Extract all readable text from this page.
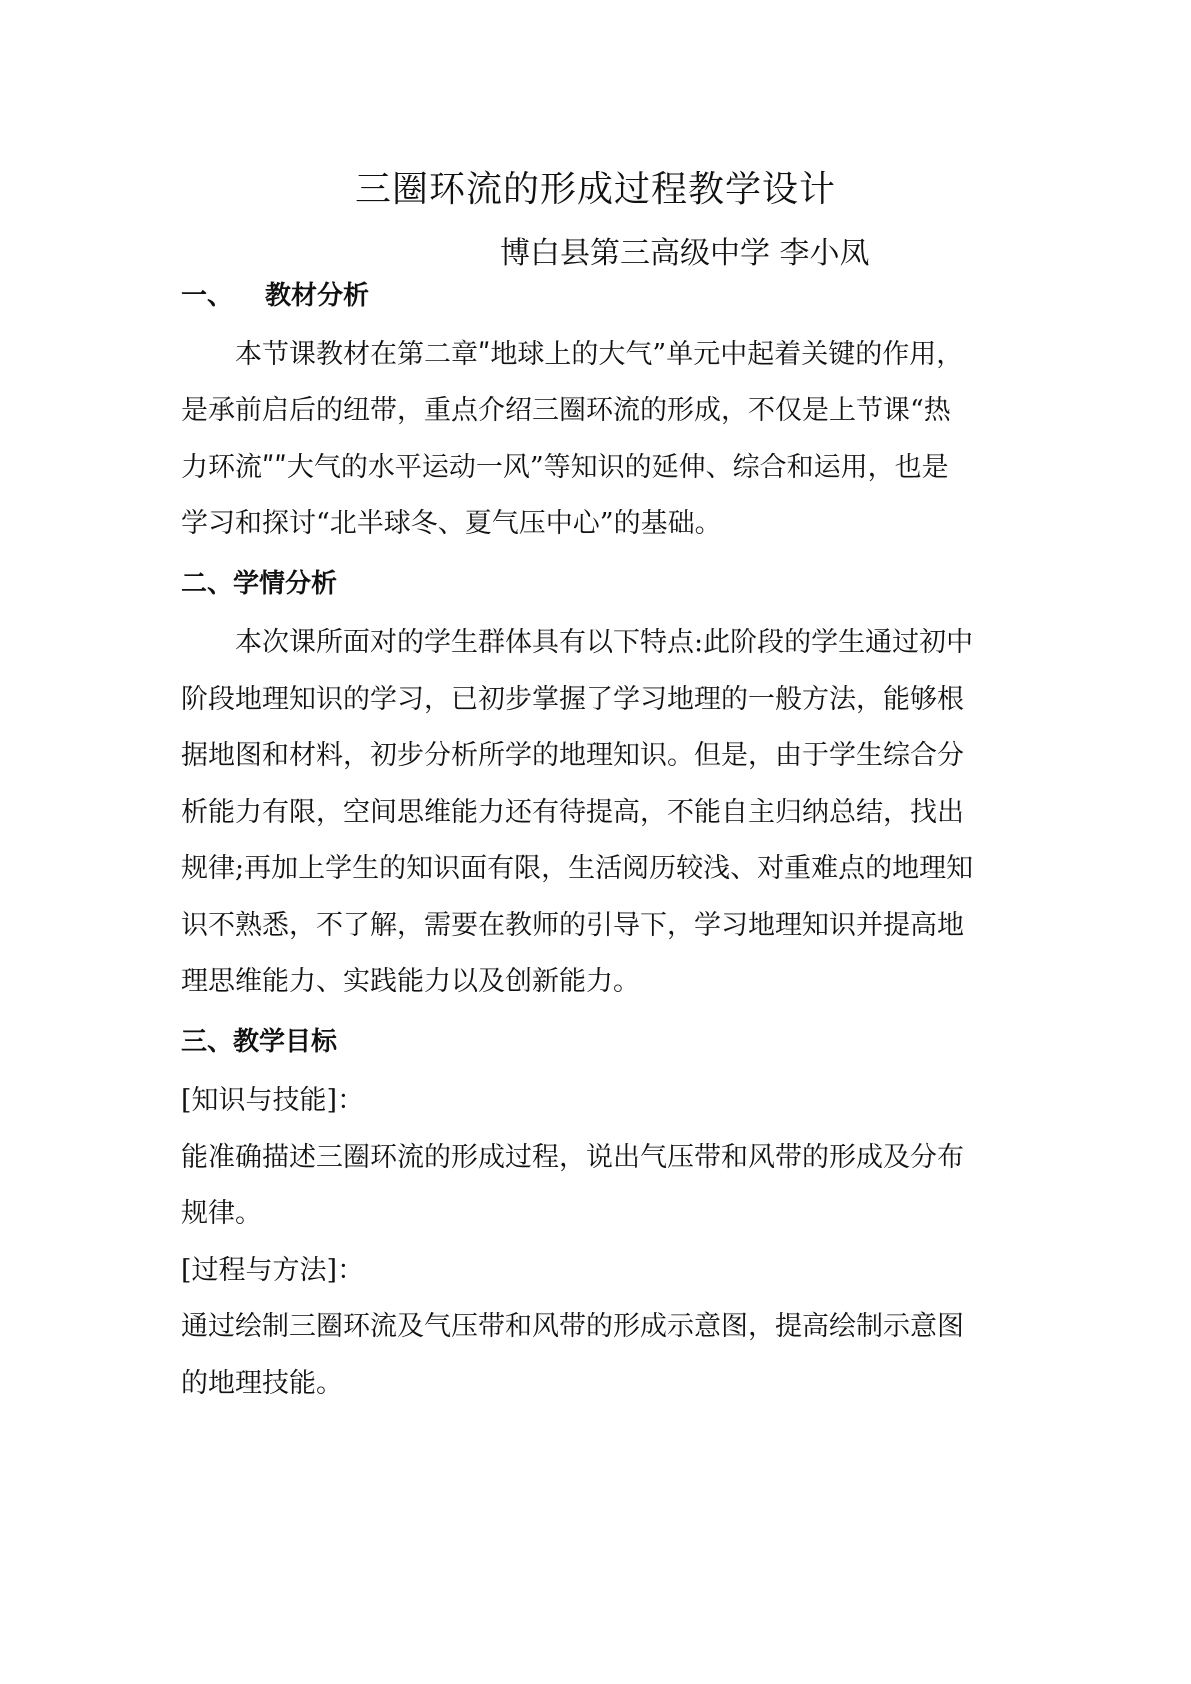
三圈环流的形成过程教学设计
博白县第三高级中学 李小凤
一、 教材分析
本节课教材在第二章ʺ地球上的大气”单元中起着关键的作用，
是承前启后的纽带，重点介绍三圈环流的形成，不仅是上节课“热
力环流ʺʺ大气的水平运动一风”等知识的延伸、综合和运用，也是
学习和探讨“北半球冬、夏气压中心”的基础。
二、学情分析
本次课所面对的学生群体具有以下特点:此阶段的学生通过初中
阶段地理知识的学习，已初步掌握了学习地理的一般方法，能够根
据地图和材料，初步分析所学的地理知识。但是，由于学生综合分
析能力有限，空间思维能力还有待提高，不能自主归纳总结，找出
规律;再加上学生的知识面有限，生活阅历较浅、对重难点的地理知
识不熟悉，不了解，需要在教师的引导下，学习地理知识并提高地
理思维能力、实践能力以及创新能力。
三、教学目标
[知识与技能]：
能准确描述三圈环流的形成过程，说出气压带和风带的形成及分布
规律。
[过程与方法]：
通过绘制三圈环流及气压带和风带的形成示意图，提高绘制示意图
的地理技能。
